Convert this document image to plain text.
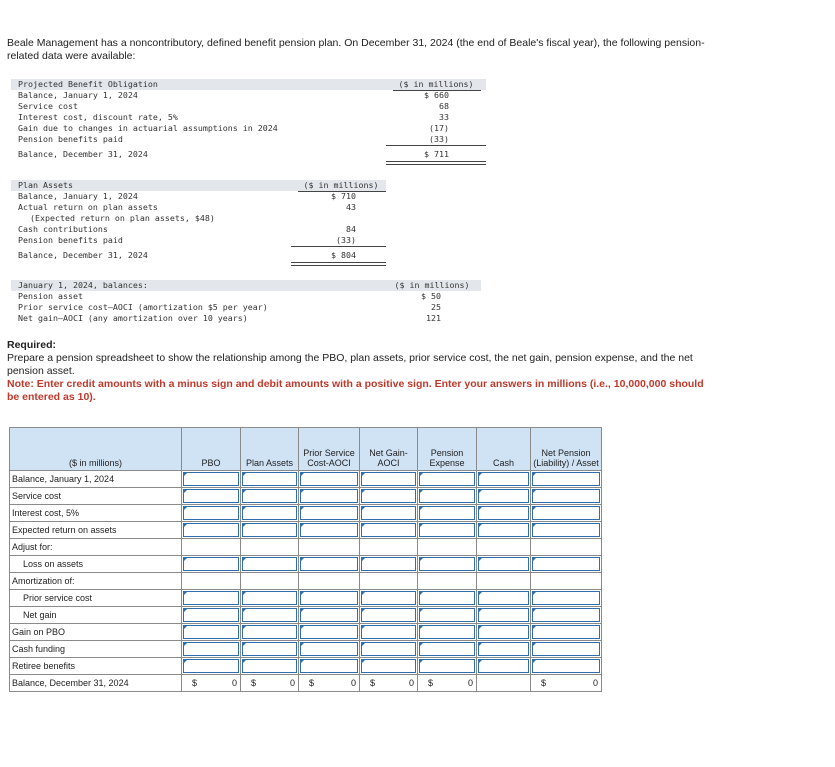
Beale Management has a noncontributory, defined benefit pension plan. On December 31, 2024 (the end of Beale's fiscal year), the following pension-related data were available:
Projected Benefit Obligation	($ in millions)
Balance, January 1, 2024	$ 660
Service cost	68
Interest cost, discount rate, 5%	33
Gain due to changes in actuarial assumptions in 2024	(17)
Pension benefits paid	(33)
Balance, December 31, 2024	$ 711
Plan Assets	($ in millions)
Balance, January 1, 2024	$ 710
Actual return on plan assets	43
(Expected return on plan assets, $48)
Cash contributions	84
Pension benefits paid	(33)
Balance, December 31, 2024	$ 804
January 1, 2024, balances:	($ in millions)
Pension asset	$ 50
Prior service cost—AOCI (amortization $5 per year)	25
Net gain—AOCI (any amortization over 10 years)	121
Required:
Prepare a pension spreadsheet to show the relationship among the PBO, plan assets, prior service cost, the net gain, pension expense, and the net pension asset.
Note: Enter credit amounts with a minus sign and debit amounts with a positive sign. Enter your answers in millions (i.e., 10,000,000 should be entered as 10).
($ in millions)	PBO	Plan Assets	Prior Service Cost-AOCI	Net Gain-AOCI	Pension Expense	Cash	Net Pension (Liability) / Asset
Balance, January 1, 2024	

Service cost	

Interest cost, 5%	

Expected return on assets	

Adjust for:							
Loss on assets	

Amortization of:							
Prior service cost	

Net gain	

Gain on PBO	

Cash funding	

Retiree benefits	

Balance, December 31, 2024	$ 0	$ 0	$ 0	$ 0	$ 0		$ 0
